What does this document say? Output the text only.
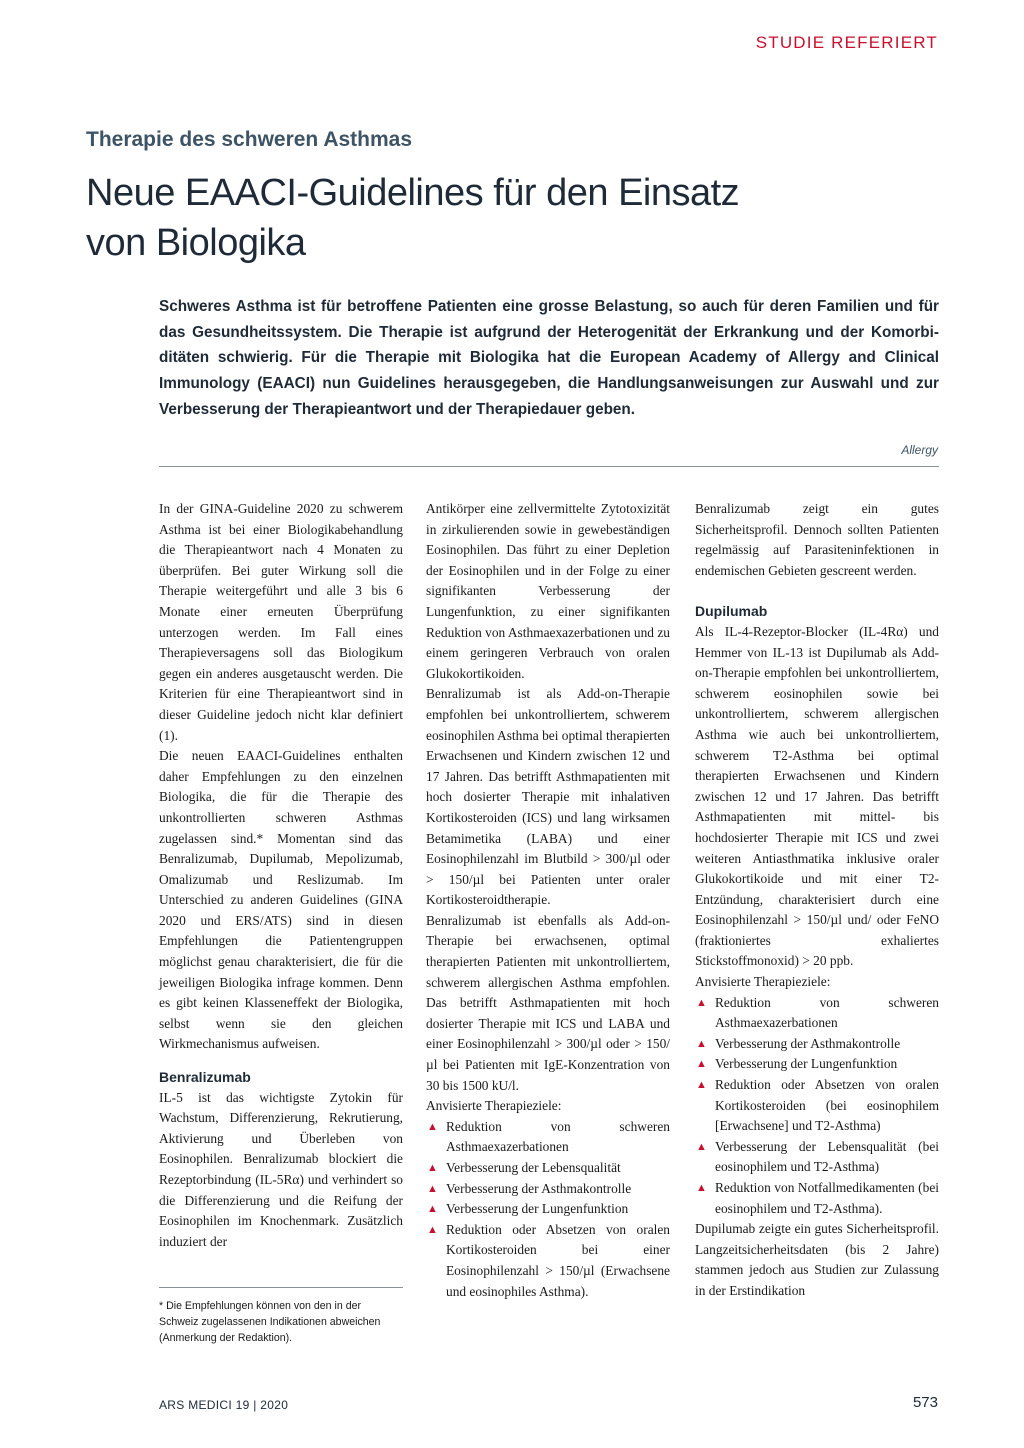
STUDIE REFERIERT
Therapie des schweren Asthmas
Neue EAACI-Guidelines für den Einsatz
von Biologika
Schweres Asthma ist für betroffene Patienten eine grosse Belastung, so auch für deren Familien und für
das Gesundheitssystem. Die Therapie ist aufgrund der Heterogenität der Erkrankung und der Komorbi-
ditäten schwierig. Für die Therapie mit Biologika hat die European Academy of Allergy and Clinical
Immunology (EAACI) nun Guidelines herausgegeben, die Handlungsanweisungen zur Auswahl und zur
Verbesserung der Therapieantwort und der Therapiedauer geben.
Allergy
In der GINA-Guideline 2020 zu schwerem Asthma ist bei einer Biologikabehandlung die Therapieantwort nach 4 Monaten zu überprüfen. Bei guter Wirkung soll die Therapie weitergeführt und alle 3 bis 6 Monate einer erneuten Überprüfung unterzogen werden. Im Fall eines Therapieversagens soll das Biologikum gegen ein anderes ausgetauscht werden. Die Kriterien für eine Therapieantwort sind in dieser Guideline jedoch nicht klar definiert (1).
Die neuen EAACI-Guidelines enthalten daher Empfehlungen zu den einzelnen Biologika, die für die Therapie des unkontrollierten schweren Asthmas zugelassen sind.* Momentan sind das Benralizumab, Dupilumab, Mepolizumab, Omalizumab und Reslizumab. Im Unterschied zu anderen Guidelines (GINA 2020 und ERS/ATS) sind in diesen Empfehlungen die Patientengruppen möglichst genau charakterisiert, die für die jeweiligen Biologika infrage kommen. Denn es gibt keinen Klasseneffekt der Biologika, selbst wenn sie den gleichen Wirkmechanismus aufweisen.
Benralizumab
IL-5 ist das wichtigste Zytokin für Wachstum, Differenzierung, Rekrutierung, Aktivierung und Überleben von Eosinophilen. Benralizumab blockiert die Rezeptorbindung (IL-5Rα) und verhindert so die Differenzierung und die Reifung der Eosinophilen im Knochenmark. Zusätzlich induziert der
Antikörper eine zellvermittelte Zytotoxizität in zirkulierenden sowie in gewebeständigen Eosinophilen. Das führt zu einer Depletion der Eosinophilen und in der Folge zu einer signifikanten Verbesserung der Lungenfunktion, zu einer signifikanten Reduktion von Asthmaexazerbationen und zu einem geringeren Verbrauch von oralen Glukokortikoiden.
Benralizumab ist als Add-on-Therapie empfohlen bei unkontrolliertem, schwerem eosinophilen Asthma bei optimal therapierten Erwachsenen und Kindern zwischen 12 und 17 Jahren. Das betrifft Asthmapatienten mit hoch dosierter Therapie mit inhalativen Kortikosteroiden (ICS) und lang wirksamen Betamimetika (LABA) und einer Eosinophilenzahl im Blutbild > 300/µl oder > 150/µl bei Patienten unter oraler Kortikosteroidtherapie.
Benralizumab ist ebenfalls als Add-on-Therapie bei erwachsenen, optimal therapierten Patienten mit unkontrolliertem, schwerem allergischen Asthma empfohlen. Das betrifft Asthmapatienten mit hoch dosierter Therapie mit ICS und LABA und einer Eosinophilenzahl > 300/µl oder > 150/µl bei Patienten mit IgE-Konzentration von 30 bis 1500 kU/l.
Anvisierte Therapieziele:
▲ Reduktion von schweren Asthmaexazerbationen
▲ Verbesserung der Lebensqualität
▲ Verbesserung der Asthmakontrolle
▲ Verbesserung der Lungenfunktion
▲ Reduktion oder Absetzen von oralen Kortikosteroiden bei einer Eosinophilenzahl > 150/µl (Erwachsene und eosinophiles Asthma).
Benralizumab zeigt ein gutes Sicherheitsprofil. Dennoch sollten Patienten regelmässig auf Parasiteninfektionen in endemischen Gebieten gescreent werden.
Dupilumab
Als IL-4-Rezeptor-Blocker (IL-4Rα) und Hemmer von IL-13 ist Dupilumab als Add-on-Therapie empfohlen bei unkontrolliertem, schwerem eosinophilen sowie bei unkontrolliertem, schwerem allergischen Asthma wie auch bei unkontrolliertem, schwerem T2-Asthma bei optimal therapierten Erwachsenen und Kindern zwischen 12 und 17 Jahren. Das betrifft Asthmapatienten mit mittel- bis hochdosierter Therapie mit ICS und zwei weiteren Antiasthmatika inklusive oraler Glukokortikoide und mit einer T2-Entzündung, charakterisiert durch eine Eosinophilenzahl > 150/µl und/ oder FeNO (fraktioniertes exhaliertes Stickstoffmonoxid) > 20 ppb.
Anvisierte Therapieziele:
▲ Reduktion von schweren Asthmaexazerbationen
▲ Verbesserung der Asthmakontrolle
▲ Verbesserung der Lungenfunktion
▲ Reduktion oder Absetzen von oralen Kortikosteroiden (bei eosinophilem [Erwachsene] und T2-Asthma)
▲ Verbesserung der Lebensqualität (bei eosinophilem und T2-Asthma)
▲ Reduktion von Notfallmedikamenten (bei eosinophilem und T2-Asthma).
Dupilumab zeigte ein gutes Sicherheitsprofil. Langzeitsicherheitsdaten (bis 2 Jahre) stammen jedoch aus Studien zur Zulassung in der Erstindikation
* Die Empfehlungen können von den in der Schweiz zugelassenen Indikationen abweichen (Anmerkung der Redaktion).
ARS MEDICI 19 | 2020	573
